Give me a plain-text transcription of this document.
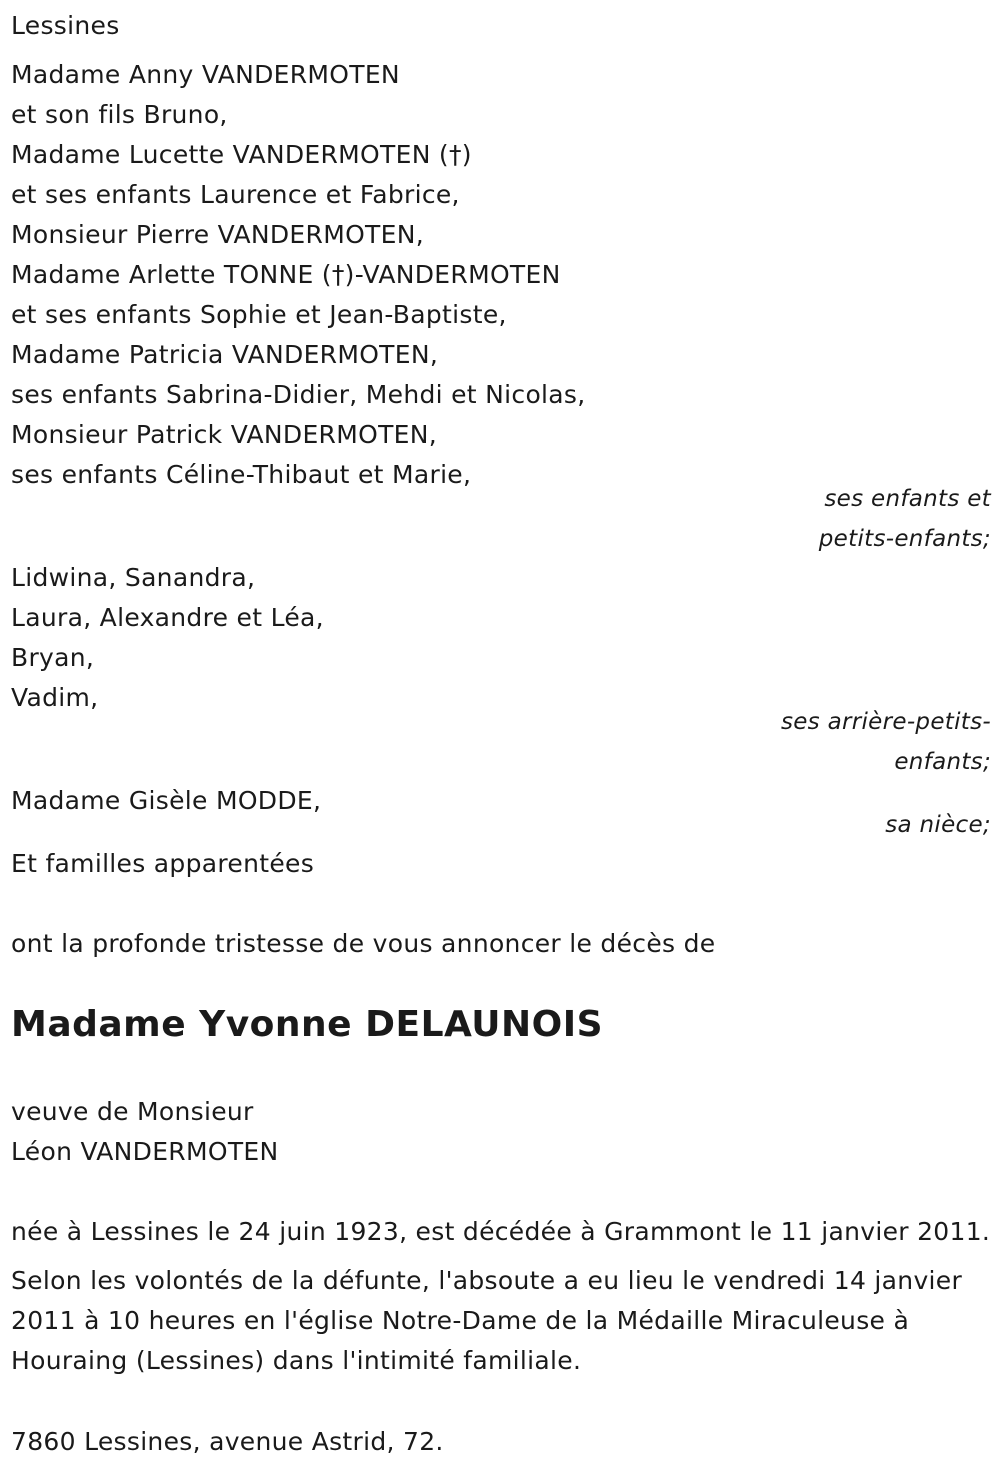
Lessines
Madame Anny VANDERMOTEN
et son fils Bruno,
Madame Lucette VANDERMOTEN (†)
et ses enfants Laurence et Fabrice,
Monsieur Pierre VANDERMOTEN,
Madame Arlette TONNE (†)-VANDERMOTEN
et ses enfants Sophie et Jean-Baptiste,
Madame Patricia VANDERMOTEN,
ses enfants Sabrina-Didier, Mehdi et Nicolas,
Monsieur Patrick VANDERMOTEN,
ses enfants Céline-Thibaut et Marie,
ses enfants et
petits-enfants;
Lidwina, Sanandra,
Laura, Alexandre et Léa,
Bryan,
Vadim,
ses arrière-petits-
enfants;
Madame Gisèle MODDE,
sa nièce;
Et familles apparentées
ont la profonde tristesse de vous annoncer le décès de
Madame Yvonne DELAUNOIS
veuve de Monsieur
Léon VANDERMOTEN
née à Lessines le 24 juin 1923, est décédée à Grammont le 11 janvier 2011.
Selon les volontés de la défunte, l'absoute a eu lieu le vendredi 14 janvier
2011 à 10 heures en l'église Notre-Dame de la Médaille Miraculeuse à
Houraing (Lessines) dans l'intimité familiale.
7860 Lessines, avenue Astrid, 72.
